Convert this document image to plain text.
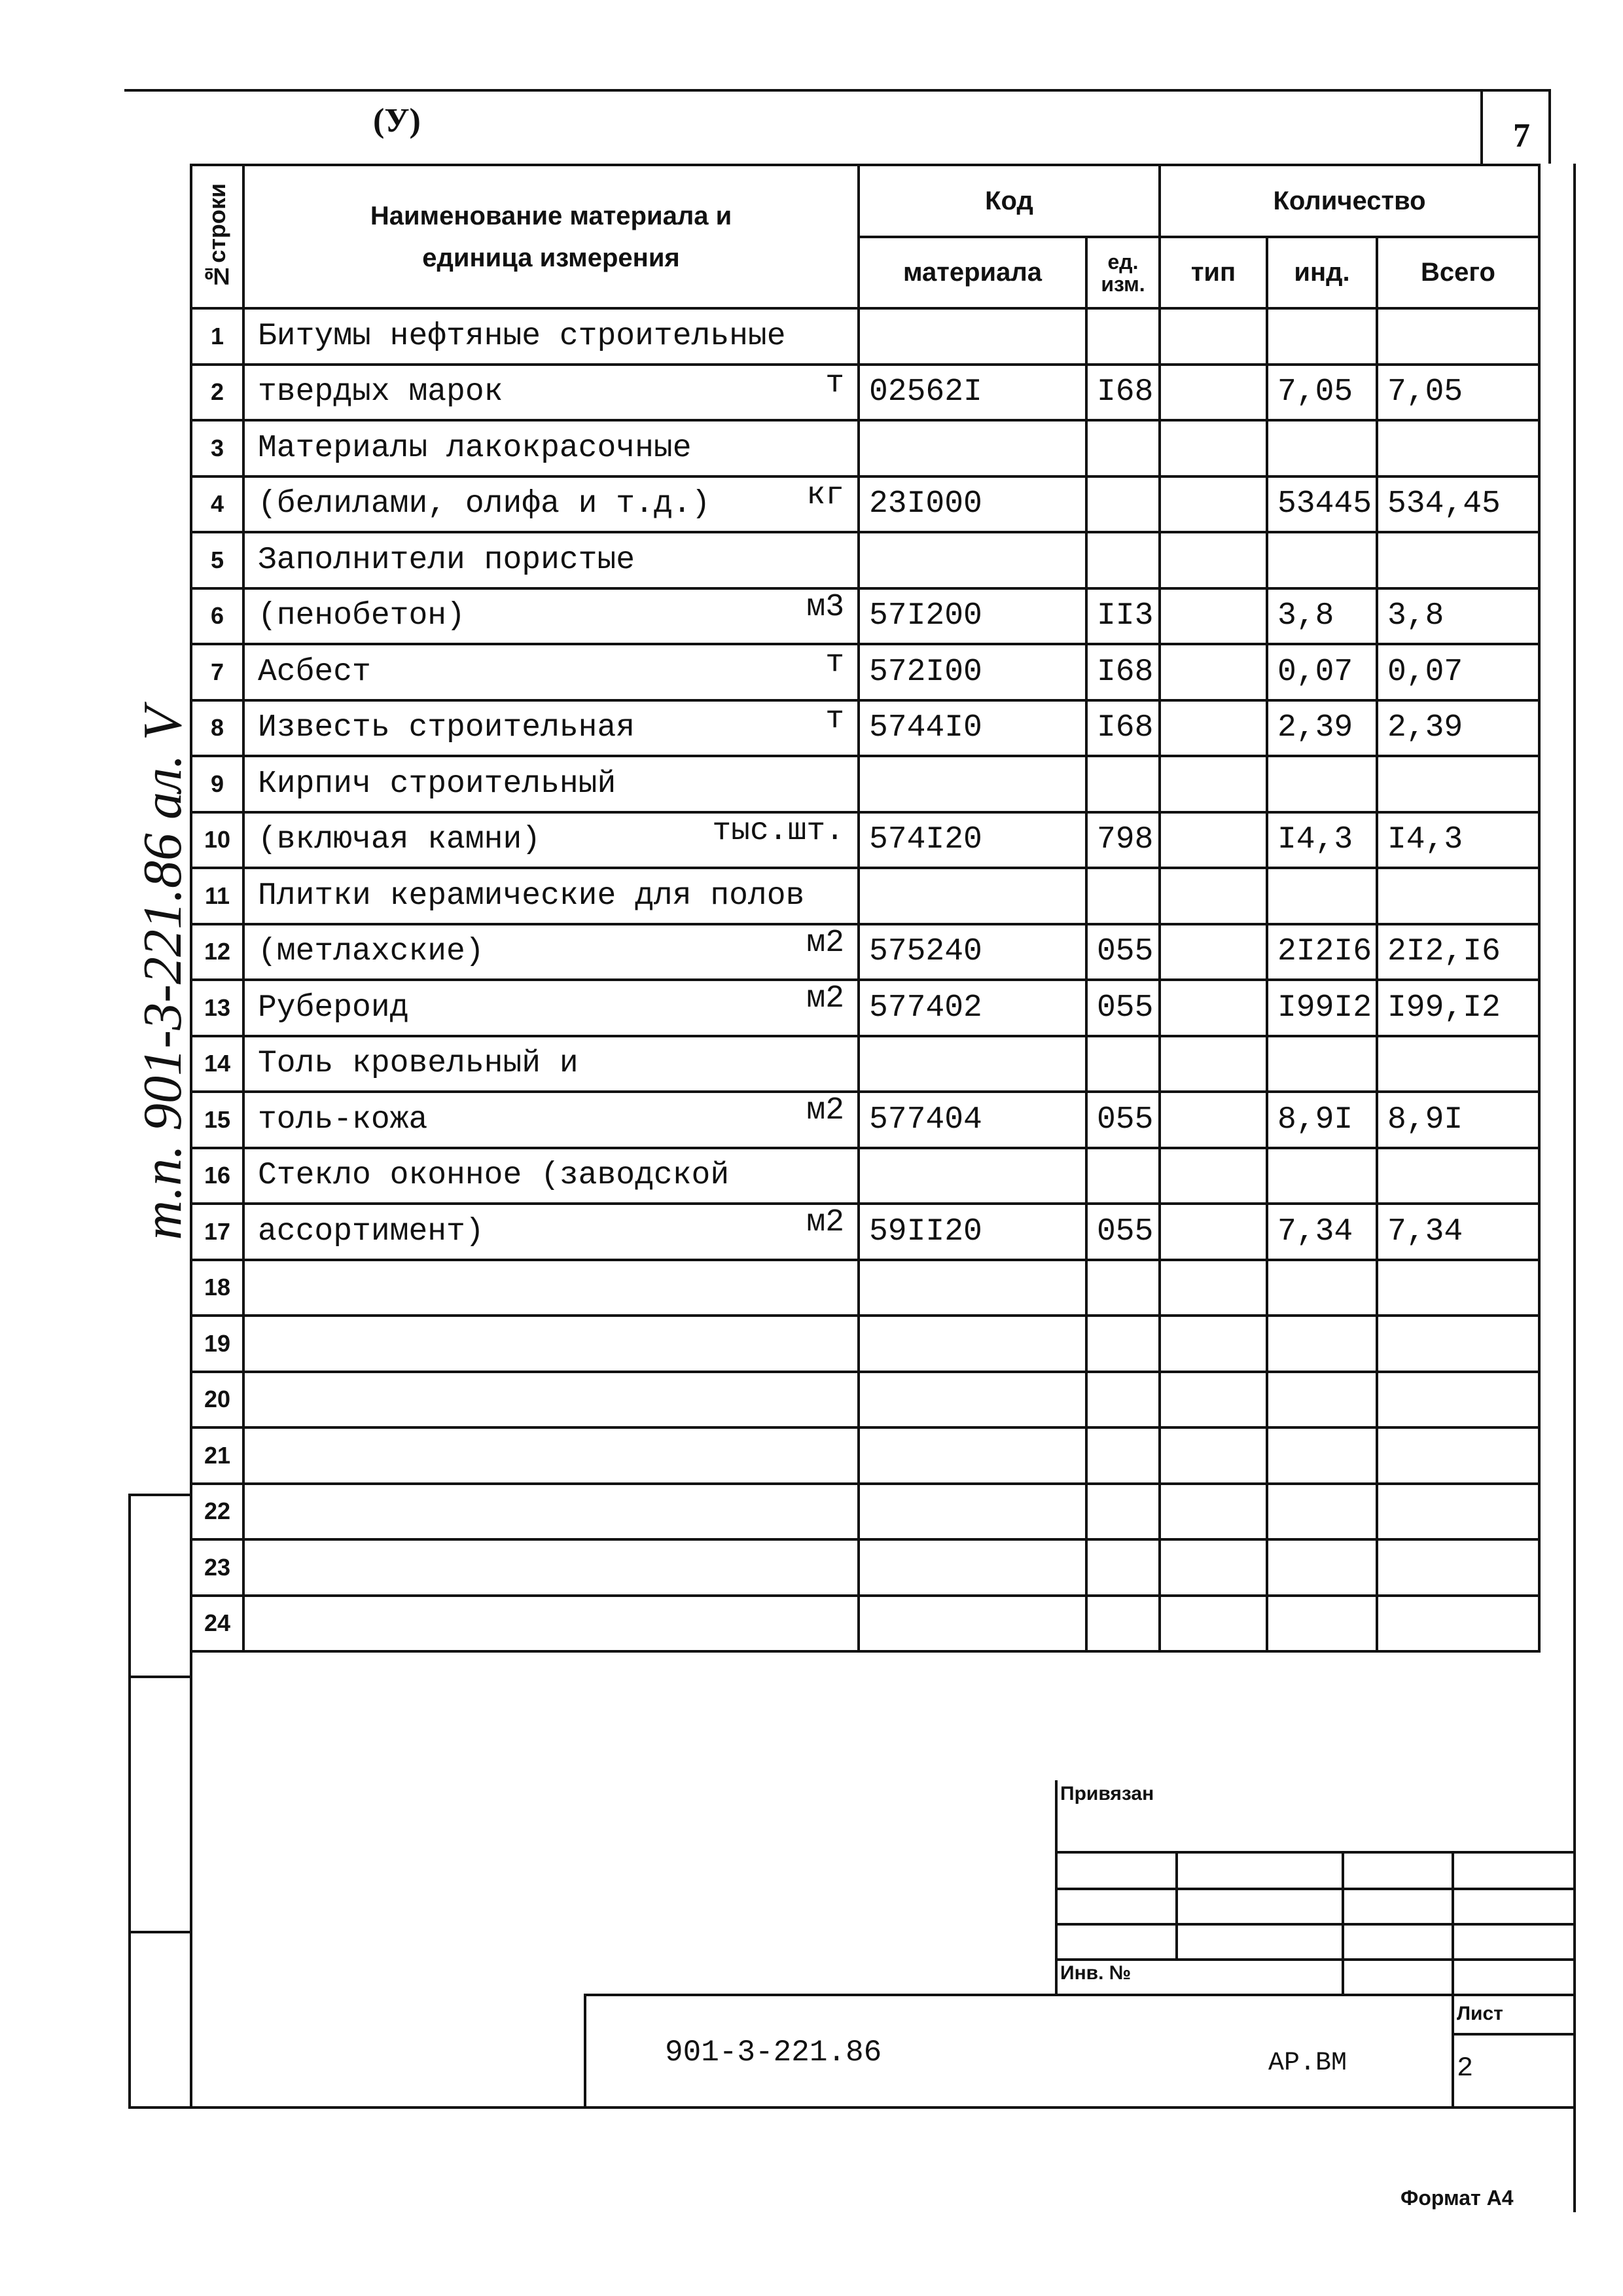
7
(У)
т.п. 901-3-221.86 ал. V
№строки	Наименование материала и единица измерения	Код		Количество		
		материала	ед. изм.	тип	инд.	Всего
1	Битумы нефтяные строительные

2	твердых марок т	02562I	I68		7,05	7,05
3	Материалы лакокрасочные

4	(белилами, олифа и т.д.) кг	23I000			53445	534,45
5	Заполнители пористые

6	(пенобетон) м3	57I200	II3		3,8	3,8
7	Асбест т	572I00	I68		0,07	0,07
8	Известь строительная т	5744I0	I68		2,39	2,39
9	Кирпич строительный

10	(включая камни) тыс.шт.	574I20	798		I4,3	I4,3
11	Плитки керамические для полов

12	(метлахские) м2	575240	055		2I2I6	2I2,I6
13	Рубероид м2	577402	055		I99I2	I99,I2
14	Толь кровельный и

15	толь-кожа м2	577404	055		8,9I	8,9I
16	Стекло оконное (заводской

17	ассортимент) м2	59II20	055		7,34	7,34
18	

19	

20	

21	

22	

23	

24	

Привязан
Инв. №
901-3-221.86	АР.ВМ
Лист
2
Формат А4
